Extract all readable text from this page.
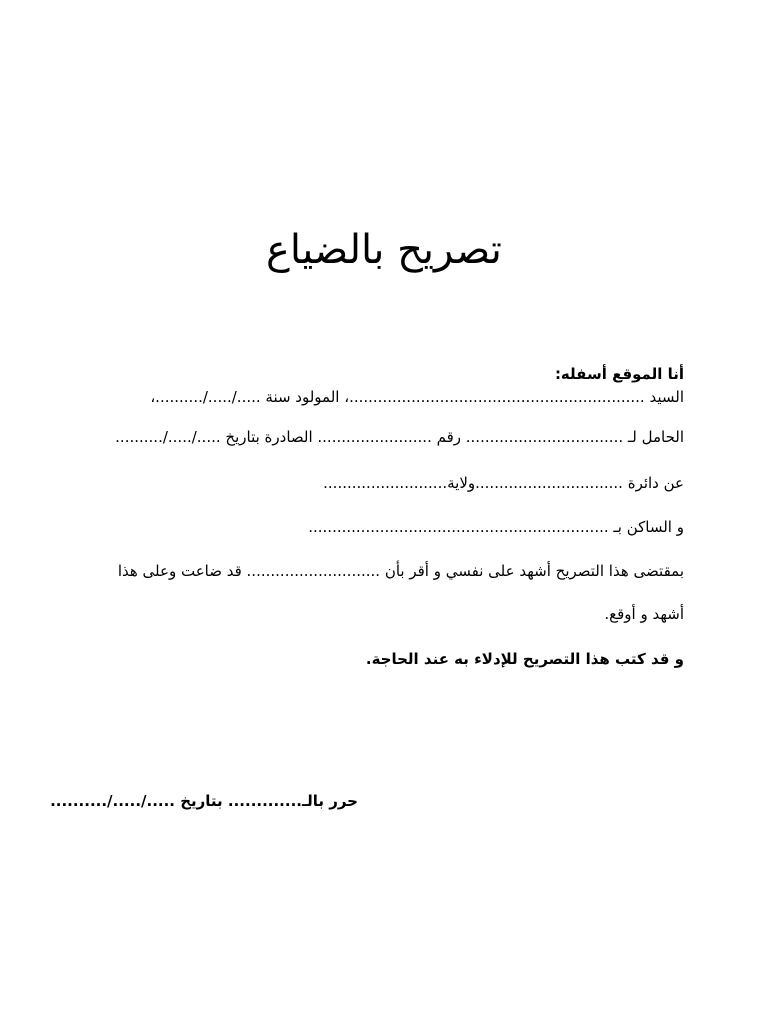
تصريح بالضياع
أنا الموقع أسفله:
السيد ..............................................................، المولود سنة ...../...../..........،
الحامل لـ ................................. رقم ........................ الصادرة بتاريخ ...../...../..........
عن دائرة ...............................ولاية..........................
و الساكن بـ ...............................................................
بمقتضى هذا التصريح أشهد على نفسي و أقر بأن ............................ قد ضاعت وعلى هذا
أشهد و أوقع.
و قد كتب هذا التصريح للإدلاء به عند الحاجة.
حرر بالـ............. بتاريخ ...../...../..........
